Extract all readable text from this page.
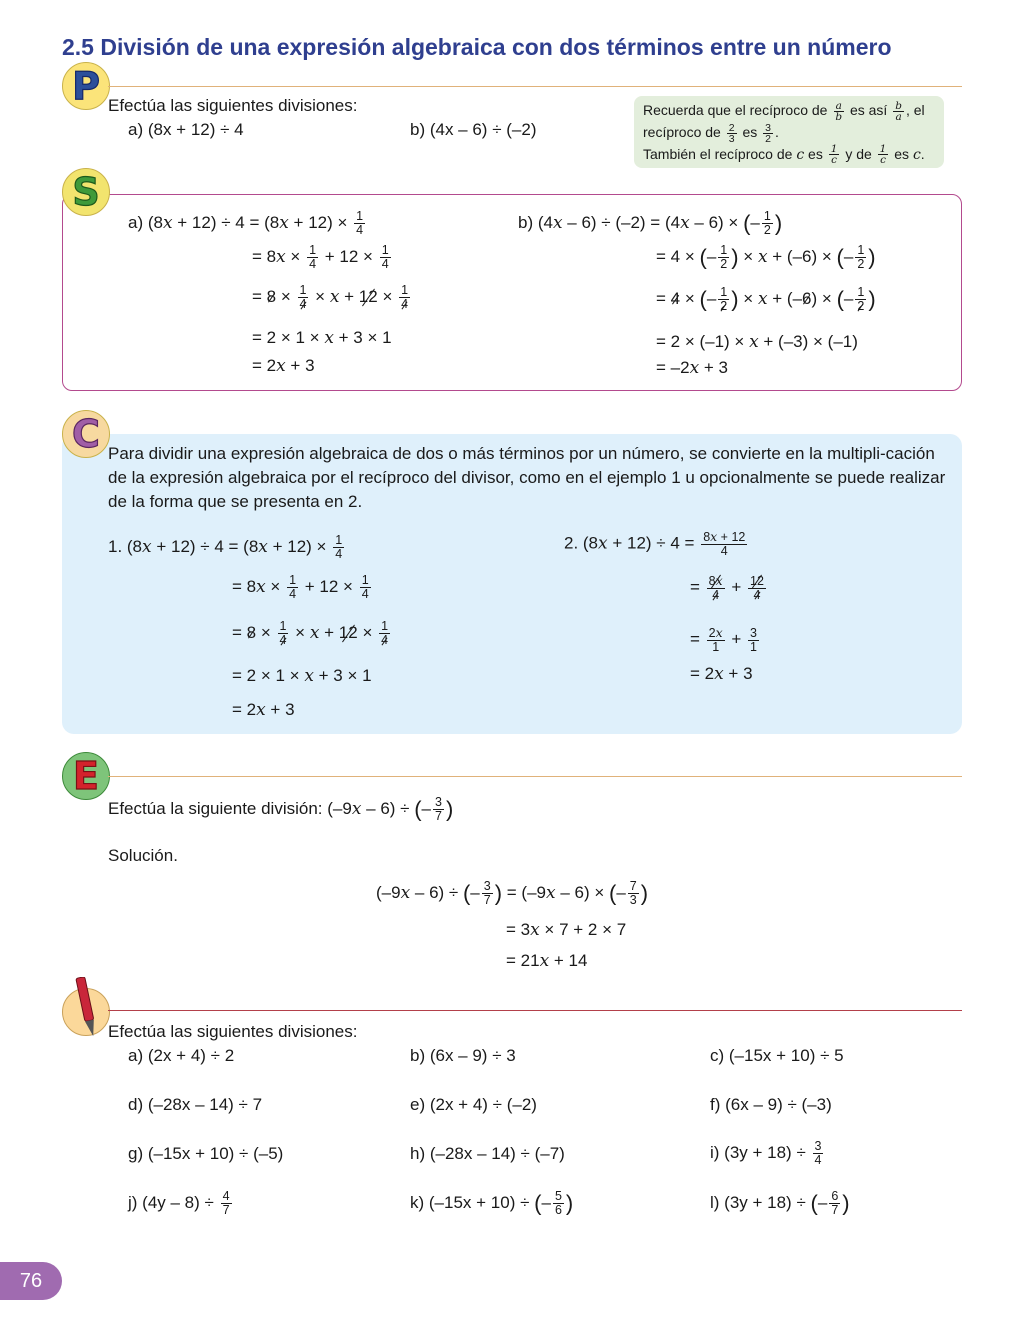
2.5 División de una expresión algebraica con dos términos entre un número
P Efectúa las siguientes divisiones:
a) (8x + 12) ÷ 4	b) (4x – 6) ÷ (–2)
Recuerda que el recíproco de $\frac{a}{b}$ es así $\frac{b}{a}$ , el
recíproco de $\frac{2}{3}$ es $\frac{3}{2}$ .
También el recíproco de c es $\frac{1}{c}$ y de $\frac{1}{c}$ es c.
S
a) $(8x + 12) \div 4 = (8x + 12) \times \frac{1}{4}$
= $8x \times \frac{1}{4} + 12 \times \frac{1}{4}$
= $8 \times \frac{1}{4} \times x + 12 \times \frac{1}{4}$
= 2 × 1 × x + 3 × 1
= 2x + 3
b) (4x – 6) ÷ (–2) = (4x – 6) × (– $\frac{1}{2}$ )
= 4 × (– $\frac{1}{2}$ ) × x + (–6) × (– $\frac{1}{2}$ )
= 4 × (– $\frac{1}{2}$ ) × x + (–6) × (– $\frac{1}{2}$ )
= 2 × (–1) × x + (–3) × (–1)
= –2x + 3
C Para dividir una expresión algebraica de dos o más términos por un número, se convierte en la multipli-cación de la expresión algebraica por el recíproco del divisor, como en el ejemplo 1 u opcionalmente se puede realizar de la forma que se presenta en 2.
1. $(8x + 12) \div 4 = (8x + 12) \times \frac{1}{4}$
= $8x \times \frac{1}{4} + 12 \times \frac{1}{4}$
= $8 \times \frac{1}{4} \times x + 12 \times \frac{1}{4}$
= 2 × 1 × x + 3 × 1
= 2x + 3
2. $(8x + 12) \div 4 = \frac{8x + 12}{4}$
= $\frac{8x}{4} + \frac{12}{4}$
= $\frac{2x}{1} + \frac{3}{1}$
= 2x + 3
E
Efectúa la siguiente división: (–9x – 6) ÷ (– $\frac{3}{7}$ )
Solución.
(–9x – 6) ÷ (– $\frac{3}{7}$ ) = (–9x – 6) × (– $\frac{7}{3}$ )
= 3x × 7 + 2 × 7
= 21x + 14
Efectúa las siguientes divisiones:
a) (2x + 4) ÷ 2	b) (6x – 9) ÷ 3	c) (–15x + 10) ÷ 5
d) (–28x – 14) ÷ 7	e) (2x + 4) ÷ (–2)	f) (6x – 9) ÷ (–3)
g) (–15x + 10) ÷ (–5)	h) (–28x – 14) ÷ (–7)	i) $(3y + 18) \div \frac{3}{4}$
j) $(4y - 8) \div \frac{4}{7}$	k) (–15x + 10) ÷ (– $\frac{5}{6}$ )	l) (3y + 18) ÷ (– $\frac{6}{7}$ )
76
